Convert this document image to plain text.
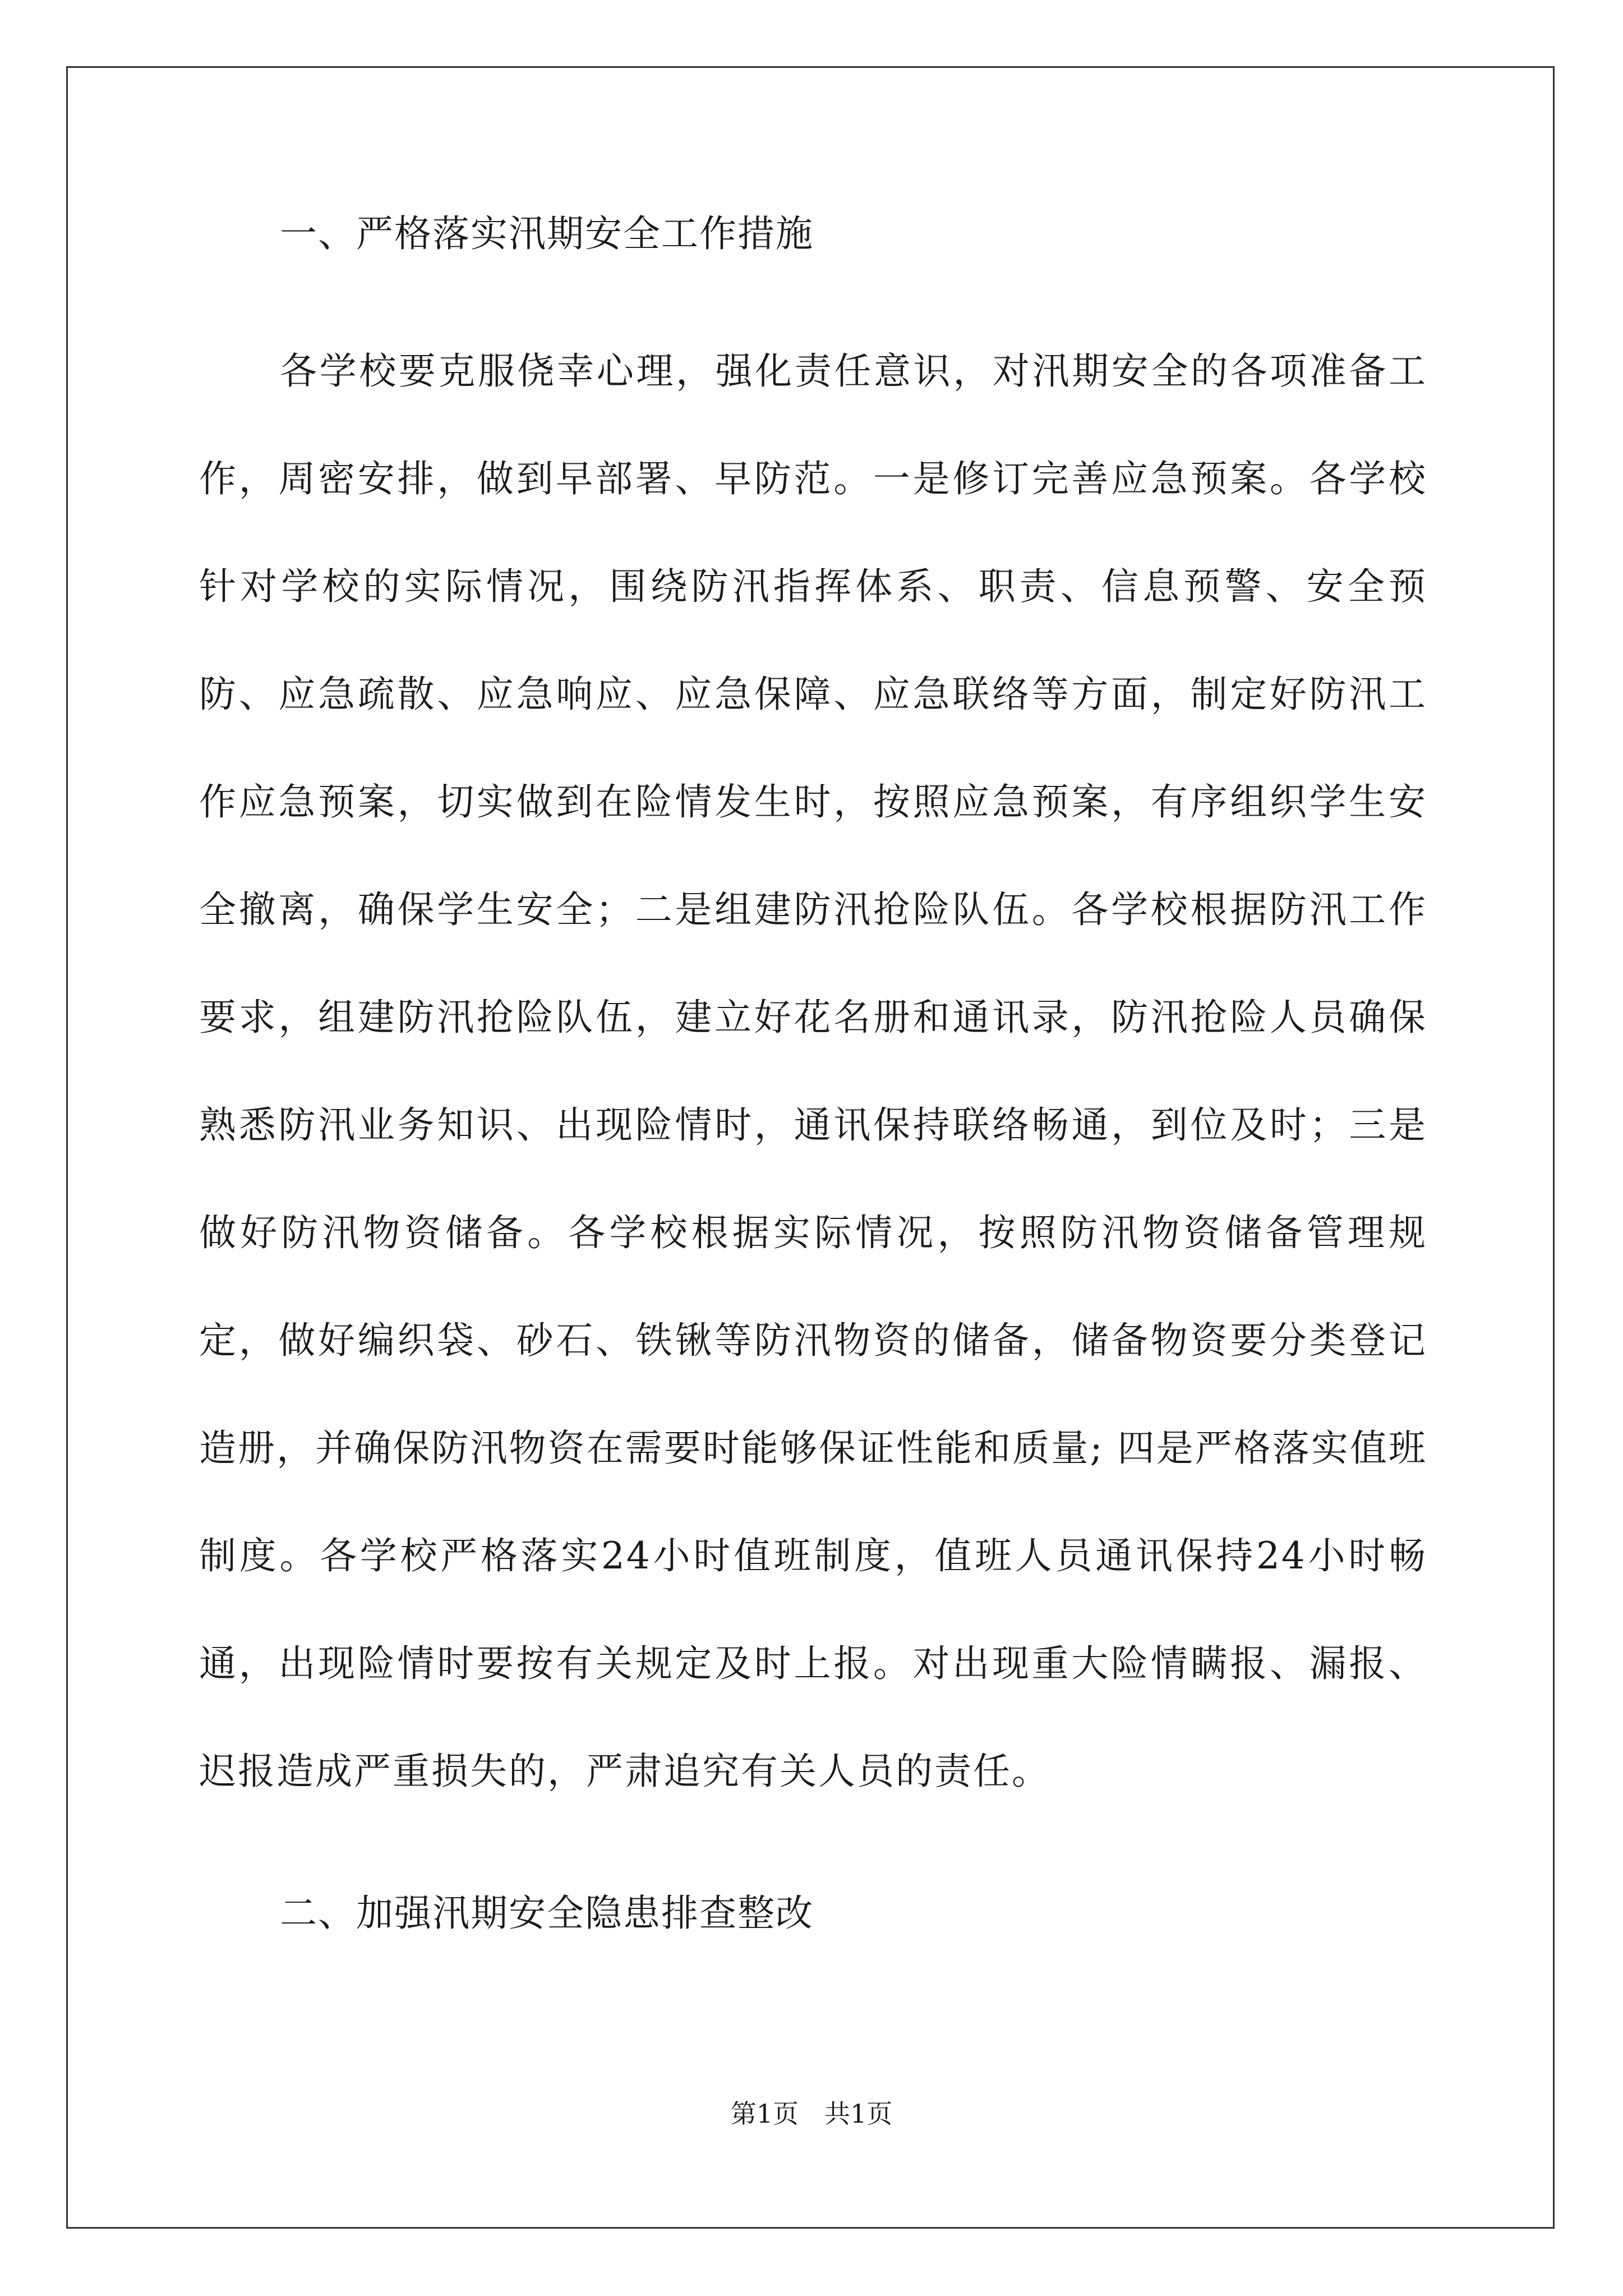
一、严格落实汛期安全工作措施

各学校要克服侥幸心理，强化责任意识，对汛期安全的各项准备工作，周密安排，做到早部署、早防范。一是修订完善应急预案。各学校针对学校的实际情况，围绕防汛指挥体系、职责、信息预警、安全预防、应急疏散、应急响应、应急保障、应急联络等方面，制定好防汛工作应急预案，切实做到在险情发生时，按照应急预案，有序组织学生安全撤离，确保学生安全；二是组建防汛抢险队伍。各学校根据防汛工作要求，组建防汛抢险队伍，建立好花名册和通讯录，防汛抢险人员确保熟悉防汛业务知识、出现险情时，通讯保持联络畅通，到位及时；三是做好防汛物资储备。各学校根据实际情况，按照防汛物资储备管理规定，做好编织袋、砂石、铁锹等防汛物资的储备，储备物资要分类登记造册，并确保防汛物资在需要时能够保证性能和质量; 四是严格落实值班制度。各学校严格落实24小时值班制度，值班人员通讯保持24小时畅通，出现险情时要按有关规定及时上报。对出现重大险情瞒报、漏报、迟报造成严重损失的，严肃追究有关人员的责任。

二、加强汛期安全隐患排查整改

第1页　共1页
